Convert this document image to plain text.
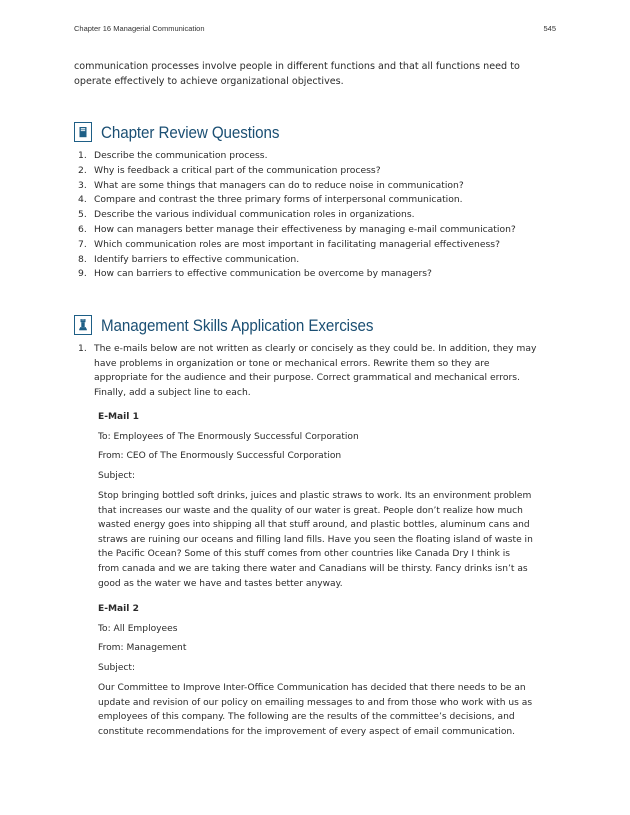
Chapter 16 Managerial Communication	545

communication processes involve people in different functions and that all functions need to operate effectively to achieve organizational objectives.

Chapter Review Questions
1. Describe the communication process.
2. Why is feedback a critical part of the communication process?
3. What are some things that managers can do to reduce noise in communication?
4. Compare and contrast the three primary forms of interpersonal communication.
5. Describe the various individual communication roles in organizations.
6. How can managers better manage their effectiveness by managing e-mail communication?
7. Which communication roles are most important in facilitating managerial effectiveness?
8. Identify barriers to effective communication.
9. How can barriers to effective communication be overcome by managers?
Management Skills Application Exercises
1. The e-mails below are not written as clearly or concisely as they could be. In addition, they may have problems in organization or tone or mechanical errors. Rewrite them so they are appropriate for the audience and their purpose. Correct grammatical and mechanical errors. Finally, add a subject line to each.
E-Mail 1
To: Employees of The Enormously Successful Corporation
From: CEO of The Enormously Successful Corporation
Subject:
Stop bringing bottled soft drinks, juices and plastic straws to work. Its an environment problem that increases our waste and the quality of our water is great. People don’t realize how much wasted energy goes into shipping all that stuff around, and plastic bottles, aluminum cans and straws are ruining our oceans and filling land fills. Have you seen the floating island of waste in the Pacific Ocean? Some of this stuff comes from other countries like Canada Dry I think is from canada and we are taking there water and Canadians will be thirsty. Fancy drinks isn’t as good as the water we have and tastes better anyway.
E-Mail 2
To: All Employees
From: Management
Subject:
Our Committee to Improve Inter-Office Communication has decided that there needs to be an update and revision of our policy on emailing messages to and from those who work with us as employees of this company. The following are the results of the committee’s decisions, and constitute recommendations for the improvement of every aspect of email communication.
